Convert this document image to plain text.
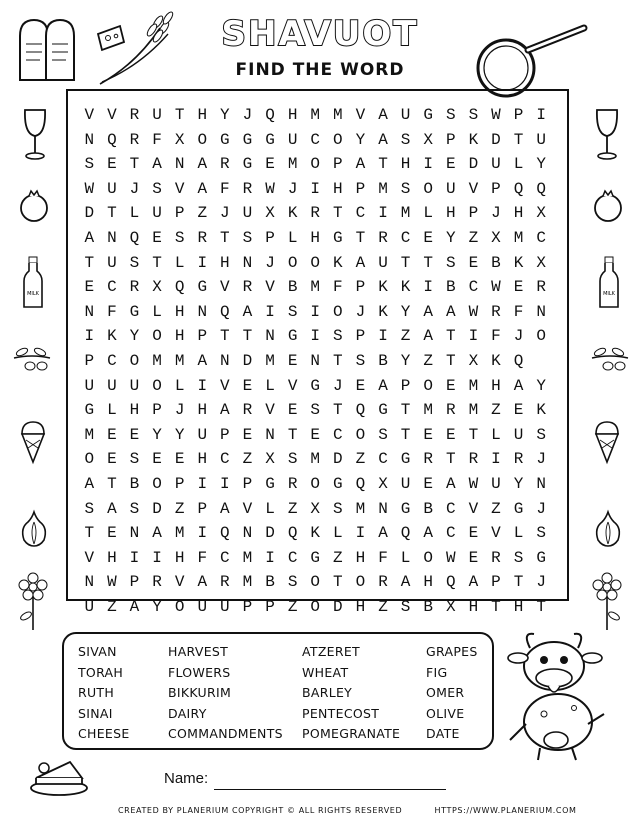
SHAVUOT
FIND THE WORD
MILK	MILK
V V R U T H Y J Q H M M V A U G S S W P I
N Q R F X O G G G U C O Y A S X P K D T U
S E T A N A R G E M O P A T H I E D U L Y
W U J S V A F R W J I H P M S O U V P Q Q
D T L U P Z J U X K R T C I M L H P J H X
A N Q E S R T S P L H G T R C E Y Z X M C
T U S T L I H N J O O K A U T T S E B K X
E C R X Q G V R V B M F P K K I B C W E R
N F G L H N Q A I S I O J K Y A A W R F N
I K Y O H P T T N G I S P I Z A T I F J O
P C O M M A N D M E N T S B Y Z T X K Q
U U U O L I V E L V G J E A P O E M H A Y
G L H P J H A R V E S T Q G T M R M Z E K
M E E Y Y U P E N T E C O S T E E T L U S
O E S E E H C Z X S M D Z C G R T R I R J
A T B O P I I P G R O G Q X U E A W U Y N
S A S D Z P A V L Z X S M N G B C V Z G J
T E N A M I Q N D Q K L I A Q A C E V L S
V H I I H F C M I C G Z H F L O W E R S G
N W P R V A R M B S O T O R A H Q A P T J
U Z A Y O U U P P Z O D H Z S B X H T H T
SIVAN
TORAH
RUTH
SINAI
CHEESE
HARVEST
FLOWERS
BIKKURIM
DAIRY
COMMANDMENTS
ATZERET
WHEAT
BARLEY
PENTECOST
POMEGRANATE
GRAPES
FIG
OMER
OLIVE
DATE
Name:
CREATED BY PLANERIUM COPYRIGHT © ALL RIGHTS RESERVED	HTTPS://WWW.PLANERIUM.COM
